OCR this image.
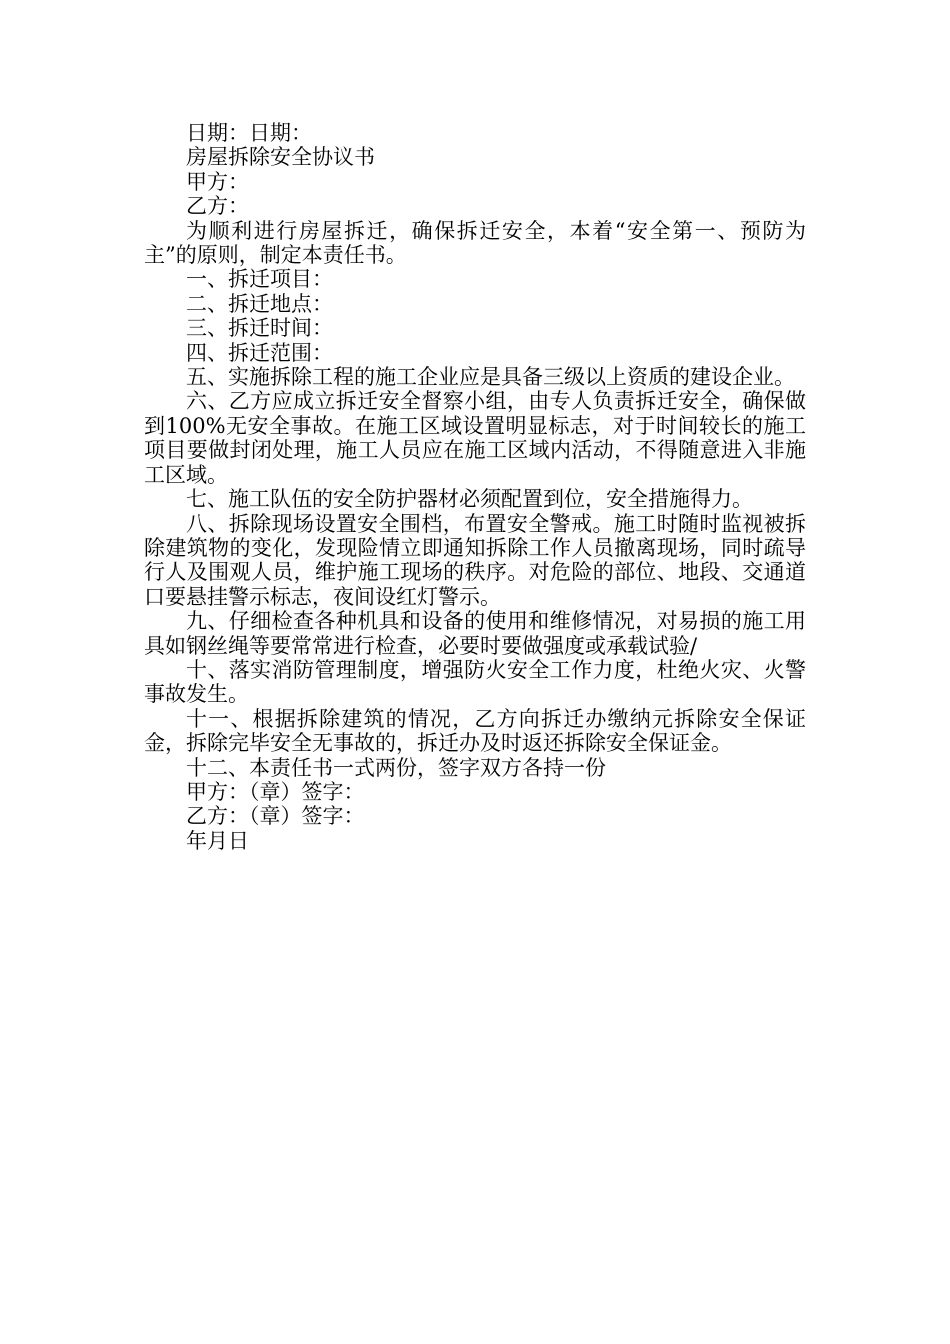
日期：日期：

房屋拆除安全协议书

甲方：

乙方：

为顺利进行房屋拆迁，确保拆迁安全，本着“安全第一、预防为主”的原则，制定本责任书。

一、拆迁项目：

二、拆迁地点：

三、拆迁时间：

四、拆迁范围：

五、实施拆除工程的施工企业应是具备三级以上资质的建设企业。

六、乙方应成立拆迁安全督察小组，由专人负责拆迁安全，确保做到100%无安全事故。在施工区域设置明显标志，对于时间较长的施工项目要做封闭处理，施工人员应在施工区域内活动，不得随意进入非施工区域。

七、施工队伍的安全防护器材必须配置到位，安全措施得力。

八、拆除现场设置安全围档，布置安全警戒。施工时随时监视被拆除建筑物的变化，发现险情立即通知拆除工作人员撤离现场，同时疏导行人及围观人员，维护施工现场的秩序。对危险的部位、地段、交通道口要悬挂警示标志，夜间设红灯警示。

九、仔细检查各种机具和设备的使用和维修情况，对易损的施工用具如钢丝绳等要常常进行检查，必要时要做强度或承载试验/

十、落实消防管理制度，增强防火安全工作力度，杜绝火灾、火警事故发生。

十一、根据拆除建筑的情况，乙方向拆迁办缴纳元拆除安全保证金，拆除完毕安全无事故的，拆迁办及时返还拆除安全保证金。

十二、本责任书一式两份，签字双方各持一份

甲方：（章）签字：

乙方：（章）签字：

年月日
